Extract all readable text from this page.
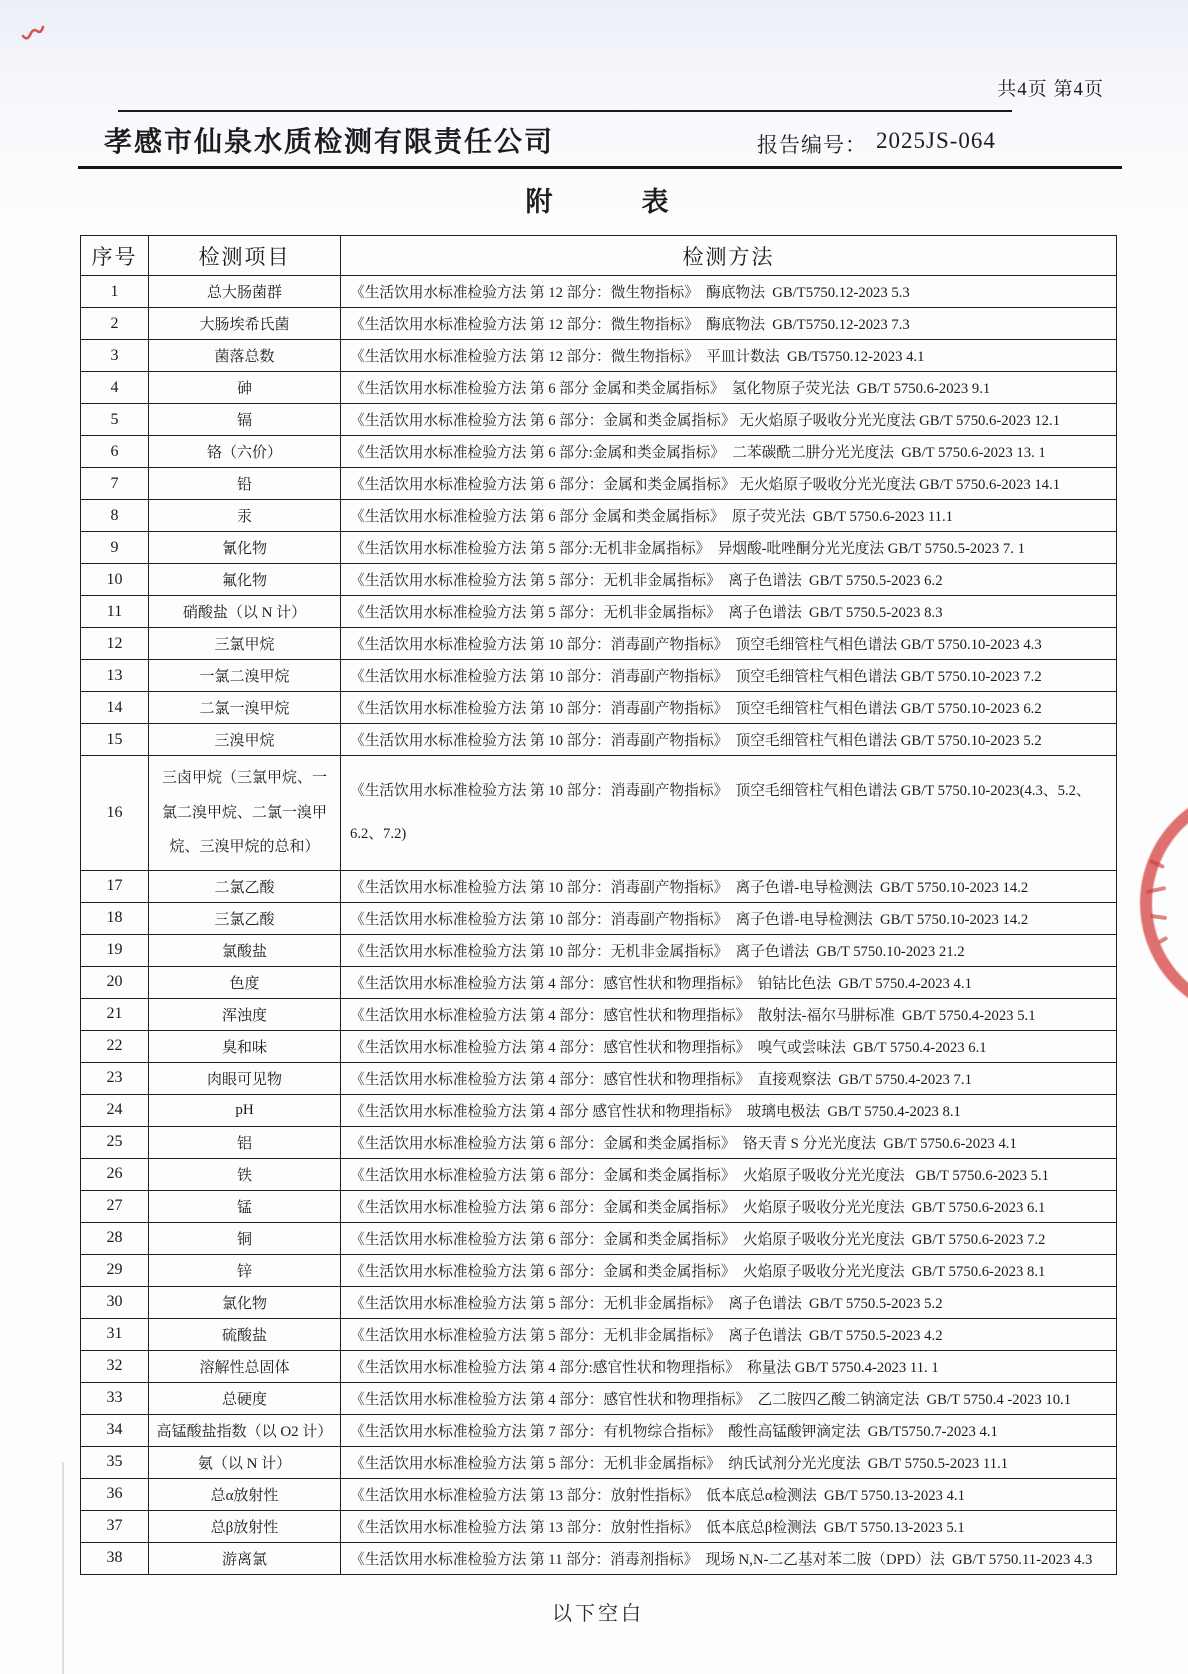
共4页 第4页
孝感市仙泉水质检测有限责任公司	报告编号： 2025JS-064
附　　　表
序号	检测项目	检测方法
1	总大肠菌群	《生活饮用水标准检验方法 第 12 部分：微生物指标》  酶底物法  GB/T5750.12-2023 5.3
2	大肠埃希氏菌	《生活饮用水标准检验方法 第 12 部分：微生物指标》  酶底物法  GB/T5750.12-2023 7.3
3	菌落总数	《生活饮用水标准检验方法 第 12 部分：微生物指标》  平皿计数法  GB/T5750.12-2023 4.1
4	砷	《生活饮用水标准检验方法 第 6 部分 金属和类金属指标》  氢化物原子荧光法  GB/T 5750.6-2023 9.1
5	镉	《生活饮用水标准检验方法 第 6 部分：金属和类金属指标》 无火焰原子吸收分光光度法 GB/T 5750.6-2023 12.1
6	铬（六价）	《生活饮用水标准检验方法 第 6 部分:金属和类金属指标》  二苯碳酰二肼分光光度法  GB/T 5750.6-2023 13. 1
7	铅	《生活饮用水标准检验方法 第 6 部分：金属和类金属指标》 无火焰原子吸收分光光度法 GB/T 5750.6-2023 14.1
8	汞	《生活饮用水标准检验方法 第 6 部分 金属和类金属指标》  原子荧光法  GB/T 5750.6-2023 11.1
9	氰化物	《生活饮用水标准检验方法 第 5 部分:无机非金属指标》  异烟酸-吡唑酮分光光度法 GB/T 5750.5-2023 7. 1
10	氟化物	《生活饮用水标准检验方法 第 5 部分：无机非金属指标》  离子色谱法  GB/T 5750.5-2023 6.2
11	硝酸盐（以 N 计）	《生活饮用水标准检验方法 第 5 部分：无机非金属指标》  离子色谱法  GB/T 5750.5-2023 8.3
12	三氯甲烷	《生活饮用水标准检验方法 第 10 部分：消毒副产物指标》  顶空毛细管柱气相色谱法 GB/T 5750.10-2023 4.3
13	一氯二溴甲烷	《生活饮用水标准检验方法 第 10 部分：消毒副产物指标》  顶空毛细管柱气相色谱法 GB/T 5750.10-2023 7.2
14	二氯一溴甲烷	《生活饮用水标准检验方法 第 10 部分：消毒副产物指标》  顶空毛细管柱气相色谱法 GB/T 5750.10-2023 6.2
15	三溴甲烷	《生活饮用水标准检验方法 第 10 部分：消毒副产物指标》  顶空毛细管柱气相色谱法 GB/T 5750.10-2023 5.2
16	三卤甲烷（三氯甲烷、一氯二溴甲烷、二氯一溴甲烷、三溴甲烷的总和）	《生活饮用水标准检验方法 第 10 部分：消毒副产物指标》  顶空毛细管柱气相色谱法 GB/T 5750.10-2023(4.3、5.2、6.2、7.2)
17	二氯乙酸	《生活饮用水标准检验方法 第 10 部分：消毒副产物指标》  离子色谱-电导检测法  GB/T 5750.10-2023 14.2
18	三氯乙酸	《生活饮用水标准检验方法 第 10 部分：消毒副产物指标》  离子色谱-电导检测法  GB/T 5750.10-2023 14.2
19	氯酸盐	《生活饮用水标准检验方法 第 10 部分：无机非金属指标》  离子色谱法  GB/T 5750.10-2023 21.2
20	色度	《生活饮用水标准检验方法 第 4 部分：感官性状和物理指标》  铂钴比色法  GB/T 5750.4-2023 4.1
21	浑浊度	《生活饮用水标准检验方法 第 4 部分：感官性状和物理指标》  散射法-福尔马肼标准  GB/T 5750.4-2023 5.1
22	臭和味	《生活饮用水标准检验方法 第 4 部分：感官性状和物理指标》  嗅气或尝味法  GB/T 5750.4-2023 6.1
23	肉眼可见物	《生活饮用水标准检验方法 第 4 部分：感官性状和物理指标》  直接观察法  GB/T 5750.4-2023 7.1
24	pH	《生活饮用水标准检验方法 第 4 部分 感官性状和物理指标》  玻璃电极法  GB/T 5750.4-2023 8.1
25	铝	《生活饮用水标准检验方法 第 6 部分：金属和类金属指标》  铬天青 S 分光光度法  GB/T 5750.6-2023 4.1
26	铁	《生活饮用水标准检验方法 第 6 部分：金属和类金属指标》  火焰原子吸收分光光度法   GB/T 5750.6-2023 5.1
27	锰	《生活饮用水标准检验方法 第 6 部分：金属和类金属指标》  火焰原子吸收分光光度法  GB/T 5750.6-2023 6.1
28	铜	《生活饮用水标准检验方法 第 6 部分：金属和类金属指标》  火焰原子吸收分光光度法  GB/T 5750.6-2023 7.2
29	锌	《生活饮用水标准检验方法 第 6 部分：金属和类金属指标》  火焰原子吸收分光光度法  GB/T 5750.6-2023 8.1
30	氯化物	《生活饮用水标准检验方法 第 5 部分：无机非金属指标》  离子色谱法  GB/T 5750.5-2023 5.2
31	硫酸盐	《生活饮用水标准检验方法 第 5 部分：无机非金属指标》  离子色谱法  GB/T 5750.5-2023 4.2
32	溶解性总固体	《生活饮用水标准检验方法 第 4 部分:感官性状和物理指标》  称量法 GB/T 5750.4-2023 11. 1
33	总硬度	《生活饮用水标准检验方法 第 4 部分：感官性状和物理指标》  乙二胺四乙酸二钠滴定法  GB/T 5750.4 -2023 10.1
34	高锰酸盐指数（以 O2 计）	《生活饮用水标准检验方法 第 7 部分：有机物综合指标》  酸性高锰酸钾滴定法  GB/T5750.7-2023 4.1
35	氨（以 N 计）	《生活饮用水标准检验方法 第 5 部分：无机非金属指标》  纳氏试剂分光光度法  GB/T 5750.5-2023 11.1
36	总α放射性	《生活饮用水标准检验方法 第 13 部分：放射性指标》  低本底总α检测法  GB/T 5750.13-2023 4.1
37	总β放射性	《生活饮用水标准检验方法 第 13 部分：放射性指标》  低本底总β检测法  GB/T 5750.13-2023 5.1
38	游离氯	《生活饮用水标准检验方法 第 11 部分：消毒剂指标》  现场 N,N-二乙基对苯二胺（DPD）法  GB/T 5750.11-2023 4.3
以下空白
